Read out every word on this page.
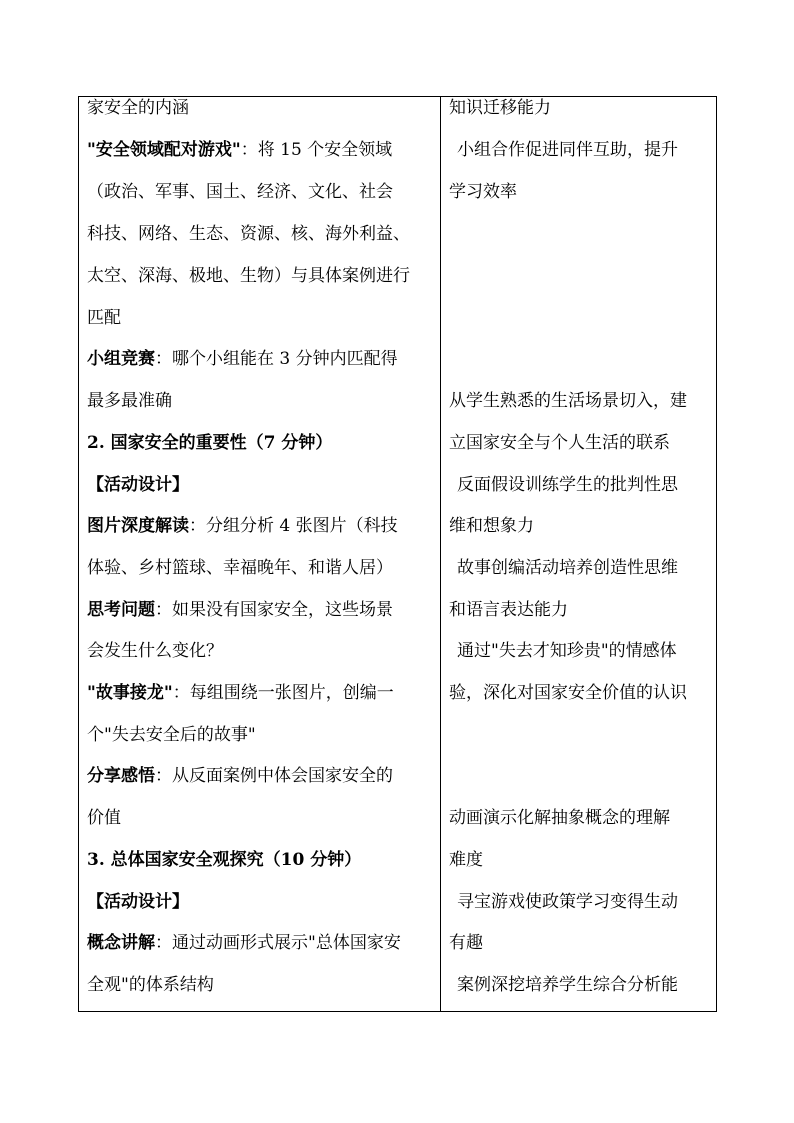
家安全的内涵
"安全领域配对游戏"：将 15 个安全领域
（政治、军事、国土、经济、文化、社会
科技、网络、生态、资源、核、海外利益、
太空、深海、极地、生物）与具体案例进行
匹配
小组竞赛：哪个小组能在 3 分钟内匹配得
最多最准确
2. 国家安全的重要性（7 分钟）
【活动设计】
图片深度解读：分组分析 4 张图片（科技
体验、乡村篮球、幸福晚年、和谐人居）
思考问题：如果没有国家安全，这些场景
会发生什么变化？
"故事接龙"：每组围绕一张图片，创编一
个"失去安全后的故事"
分享感悟：从反面案例中体会国家安全的
价值
3. 总体国家安全观探究（10 分钟）
【活动设计】
概念讲解：通过动画形式展示"总体国家安
全观"的体系结构
知识迁移能力
小组合作促进同伴互助，提升
学习效率
从学生熟悉的生活场景切入，建
立国家安全与个人生活的联系
反面假设训练学生的批判性思
维和想象力
故事创编活动培养创造性思维
和语言表达能力
通过"失去才知珍贵"的情感体
验，深化对国家安全价值的认识
动画演示化解抽象概念的理解
难度
寻宝游戏使政策学习变得生动
有趣
案例深挖培养学生综合分析能
